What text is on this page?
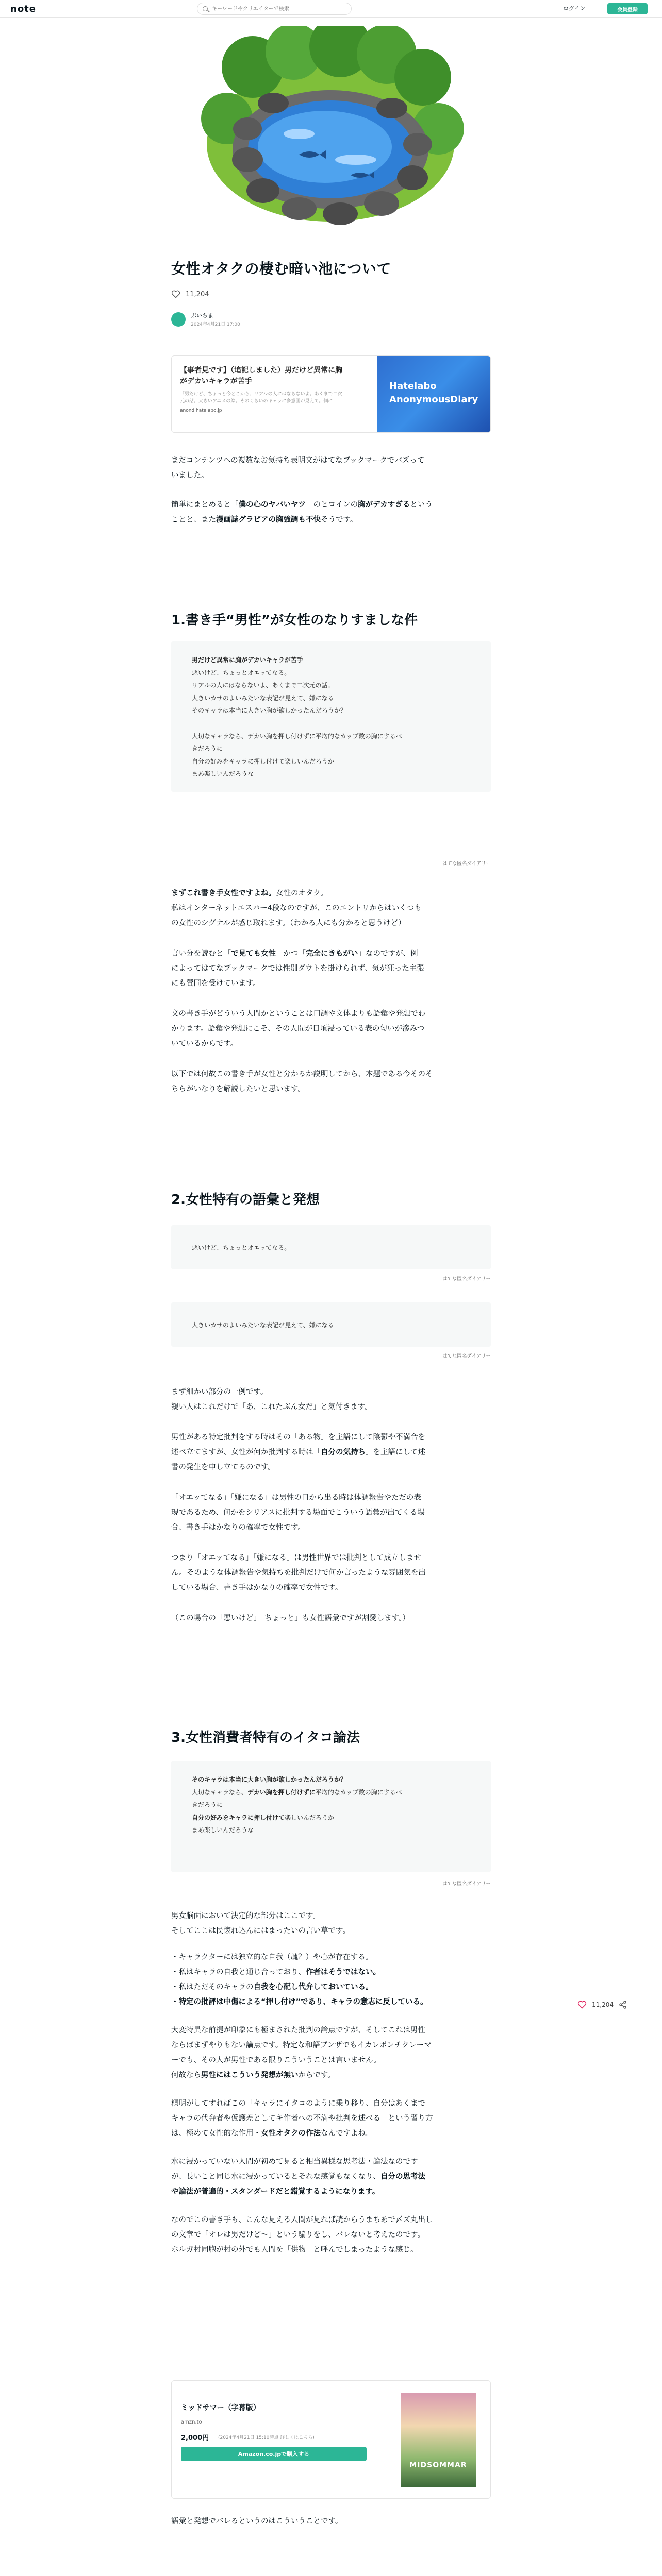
note
キーワードやクリエイターで検索	ログイン	会員登録
女性オタクの棲む暗い池について
11,204
ぷいちま
2024年4月21日 17:00
【事者見です】（追記しました）男だけど異常に胸
がデカいキャラが苦手
「男だけど、ちょっと今どこから、リアルの人にはならないよ。あくまで二次
元の話。大きいアニメの絵。そのくらいのキャラに多意図が見えて。個に
anond.hatelabo.jp
Hatelabo
AnonymousDiary

まだコンテンツへの複数なお気持ち表明文がはてなブックマークでバズって
いました。

簡単にまとめると「僕の心のヤバいヤツ」のヒロインの胸がデカすぎるという
ことと、また漫画誌グラビアの胸強調も不快そうです。

1.書き手“男性”が女性のなりすましな件
男だけど異常に胸がデカいキャラが苦手
悪いけど、ちょっとオエッてなる。
リアルの人にはならないよ、あくまで二次元の話。
大きいカサのよいみたいな表記が見えて、嫌になる
そのキャラは本当に大きい胸が欲しかったんだろうか？

大切なキャラなら、デカい胸を押し付けずに平均的なカップ数の胸にするべ
きだろうに
自分の好みをキャラに押し付けて楽しいんだろうか
まあ楽しいんだろうな
はてな匿名ダイアリー

まずこれ書き手女性ですよね。女性のオタク。
私はインターネットエスパー4段なのですが、このエントリからはいくつも
の女性のシグナルが感じ取れます。（わかる人にも分かると思うけど）

言い分を読むと「で見ても女性」かつ「完全にきもがい」なのですが、例
によってはてなブックマークでは性別ダウトを掛けられず、気が狂った主張
にも賛同を受けています。

文の書き手がどういう人間かということは口調や文体よりも語彙や発想でわ
かります。語彙や発想にこそ、その人間が日頃浸っている表の匂いが滲みつ
いているからです。

以下では何故この書き手が女性と分かるか説明してから、本題である今そのそ
ちらがいなりを解説したいと思います。

2.女性特有の語彙と発想
悪いけど、ちょっとオエッてなる。
はてな匿名ダイアリー
大きいカサのよいみたいな表記が見えて、嫌になる
はてな匿名ダイアリー

まず細かい部分の一例です。
親い人はこれだけで「あ、これたぶん女だ」と気付きます。

男性がある特定批判をする時はその「ある物」を主語にして陰鬱や不満合を
述べ立てますが、女性が何か批判する時は「自分の気持ち」を主語にして述
書の発生を申し立てるのです。

「オエッてなる」「嫌になる」は男性の口から出る時は体調報告やただの表
現であるため、何かをシリアスに批判する場面でこういう語彙が出てくる場
合、書き手はかなりの確率で女性です。

つまり「オエッてなる」「嫌になる」は男性世界では批判として成立しませ
ん。そのような体調報告や気持ちを批判だけで何か言ったような雰囲気を出
している場合、書き手はかなりの確率で女性です。

（この場合の「悪いけど」「ちょっと」も女性語彙ですが割愛します。）

3.女性消費者特有のイタコ論法
そのキャラは本当に大きい胸が欲しかったんだろうか？
大切なキャラなら、デカい胸を押し付けずに平均的なカップ数の胸にするべ
きだろうに
自分の好みをキャラに押し付けて楽しいんだろうか
まあ楽しいんだろうな
はてな匿名ダイアリー

男女脳面において決定的な部分はここです。
そしてここは民懐れ込んにはまったいの言い草です。

・キャラクターには独立的な自我（魂？）や心が存在する。
・私はキャラの自我と通じ合っており、作者はそうではない。
・私はただそのキャラの自我を心配し代弁しておいている。
・特定の批評は中傷による“押し付け”であり、キャラの意志に反している。

大変特異な前提が印象にも極まされた批判の論点ですが、そしてこれは男性
ならばまずやりもない論点です。特定な和語ブンザでもイカレポンチクレーマ
ーでも、その人が男性である限りこういうことは言いません。
何故なら男性にはこういう発想が無いからです。

櫃明がしてすればこの「キャラにイタコのように乗り移り、自分はあくまで
キャラの代弁者や仮護差としてキ作者への不満や批判を述べる」という習り方
は、極めて女性的な作用・女性オタクの作法なんですよね。

水に浸かっていない人間が初めて見ると相当異様な思考法・論法なのです
が、長いこと同じ水に浸かっているとそれな感覚もなくなり、自分の思考法
や論法が普遍的・スタンダードだと錯覚するようになります。

なのでこの書き手も、こんな見える人間が見れば読からうまちあで〆ズ丸出し
の文章で「オレは男だけど〜」という騙りをし、バレないと考えたのです。
ホルガ村同胞が村の外でも人間を「供物」と呼んでしまったような感じ。

ミッドサマー（字幕版）
amzn.to
2,000円 (2024年4月21日 15:10時点 詳しくはこちら)
Amazon.co.jpで購入する
MIDSOMMAR

語彙と発想でバレるというのはこういうことです。

11,204
